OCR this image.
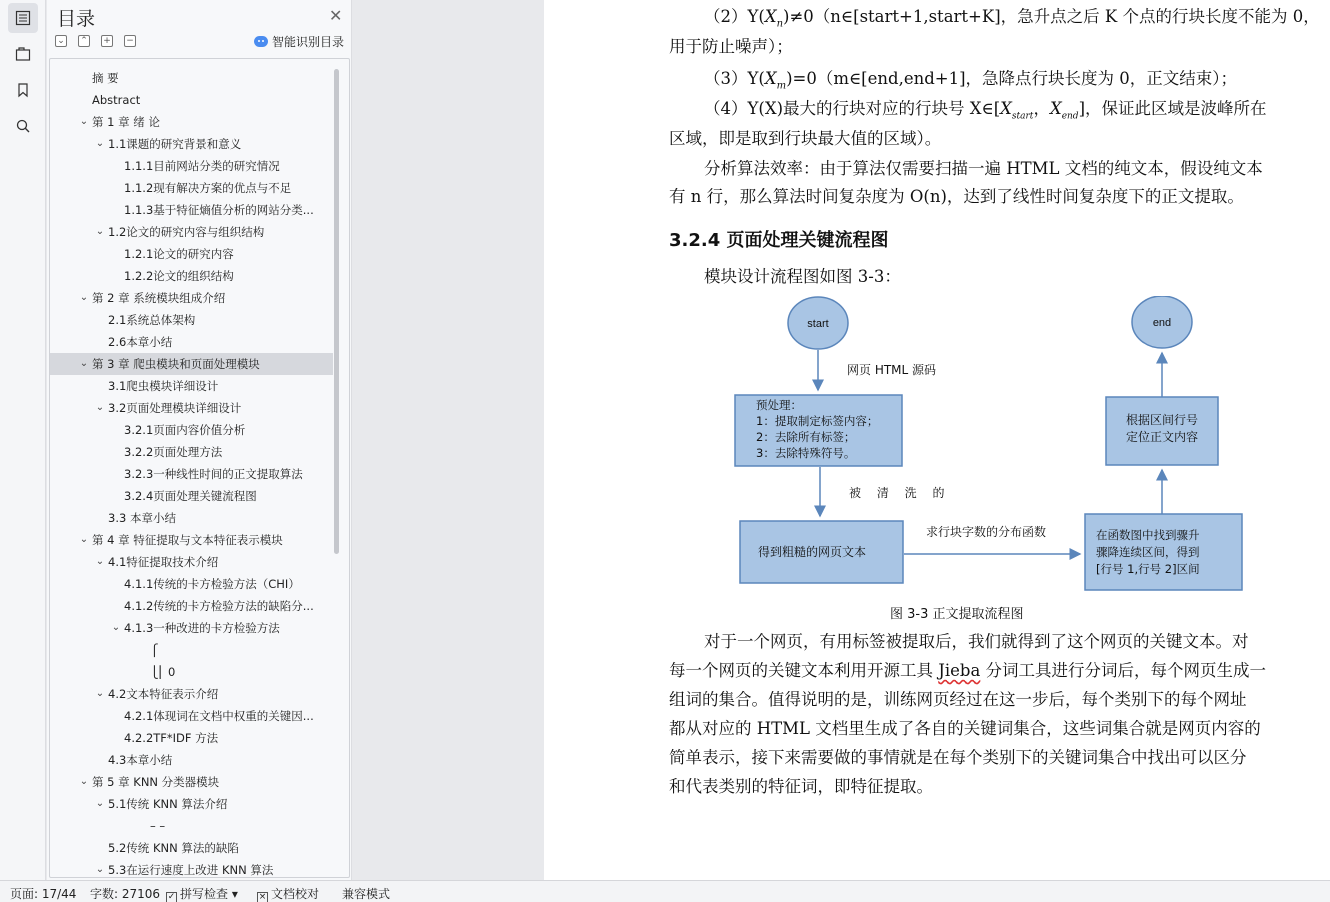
目录	✕
⌄ ⌃ + −	智能识别目录
摘 要
Abstract
⌄ 第 1 章 绪 论
⌄ 1.1课题的研究背景和意义
1.1.1目前网站分类的研究情况
1.1.2现有解决方案的优点与不足
1.1.3基于特征熵值分析的网站分类...
⌄ 1.2论文的研究内容与组织结构
1.2.1论文的研究内容
1.2.2论文的组织结构
⌄ 第 2 章 系统模块组成介绍
2.1系统总体架构
2.6本章小结
⌄ 第 3 章 爬虫模块和页面处理模块
3.1爬虫模块详细设计
⌄ 3.2页面处理模块详细设计
3.2.1页面内容价值分析
3.2.2页面处理方法
3.2.3一种线性时间的正文提取算法
3.2.4页面处理关键流程图
3.3 本章小结
⌄ 第 4 章 特征提取与文本特征表示模块
⌄ 4.1特征提取技术介绍
4.1.1传统的卡方检验方法（CHI）
4.1.2传统的卡方检验方法的缺陷分...
⌄ 4.1.3一种改进的卡方检验方法
⎧
⎩⎜ 0
⌄ 4.2文本特征表示介绍
4.2.1体现词在文档中权重的关键因...
4.2.2TF*IDF 方法
4.3本章小结
⌄ 第 5 章 KNN 分类器模块
⌄ 5.1传统 KNN 算法介绍
– –
5.2传统 KNN 算法的缺陷
⌄ 5.3在运行速度上改进 KNN 算法
$(2)Y(X_n)\ne 0(n\in[start+1,start+K]$，急升点之后 K 个点的行块长度不能为 0，
用于防止噪声）；
$(3)Y(X_m)=0(m\in[end,end+1]$，急降点行块长度为 0，正文结束）；
（4）Y(X)最大的行块对应的行块号 $X\in[X_{start}$，$X_{end}$]，保证此区域是波峰所在
区域，即是取到行块最大值的区域）。
分析算法效率：由于算法仅需要扫描一遍 HTML 文档的纯文本，假设纯文本
有 n 行，那么算法时间复杂度为 O(n)，达到了线性时间复杂度下的正文提取。
3.2.4 页面处理关键流程图
模块设计流程图如图 3-3：
start	end
网页 HTML 源码
预处理：
1：提取制定标签内容；
2：去除所有标签；
3：去除特殊符号。
被 清 洗 的
得到粗糙的网页文本
求行块字数的分布函数	在函数图中找到骤升
骤降连续区间，得到
[行号 1,行号 2]区间
根据区间行号
定位正文内容
图 3-3 正文提取流程图
对于一个网页，有用标签被提取后，我们就得到了这个网页的关键文本。对
每一个网页的关键文本利用开源工具 Jieba 分词工具进行分词后，每个网页生成一
组词的集合。值得说明的是，训练网页经过在这一步后，每个类别下的每个网址
都从对应的 HTML 文档里生成了各自的关键词集合，这些词集合就是网页内容的
简单表示，接下来需要做的事情就是在每个类别下的关键词集合中找出可以区分
和代表类别的特征词，即特征提取。
页面: 17/44 字数: 27106 ✓ 拼写检查 ▾ × 文档校对 兼容模式
